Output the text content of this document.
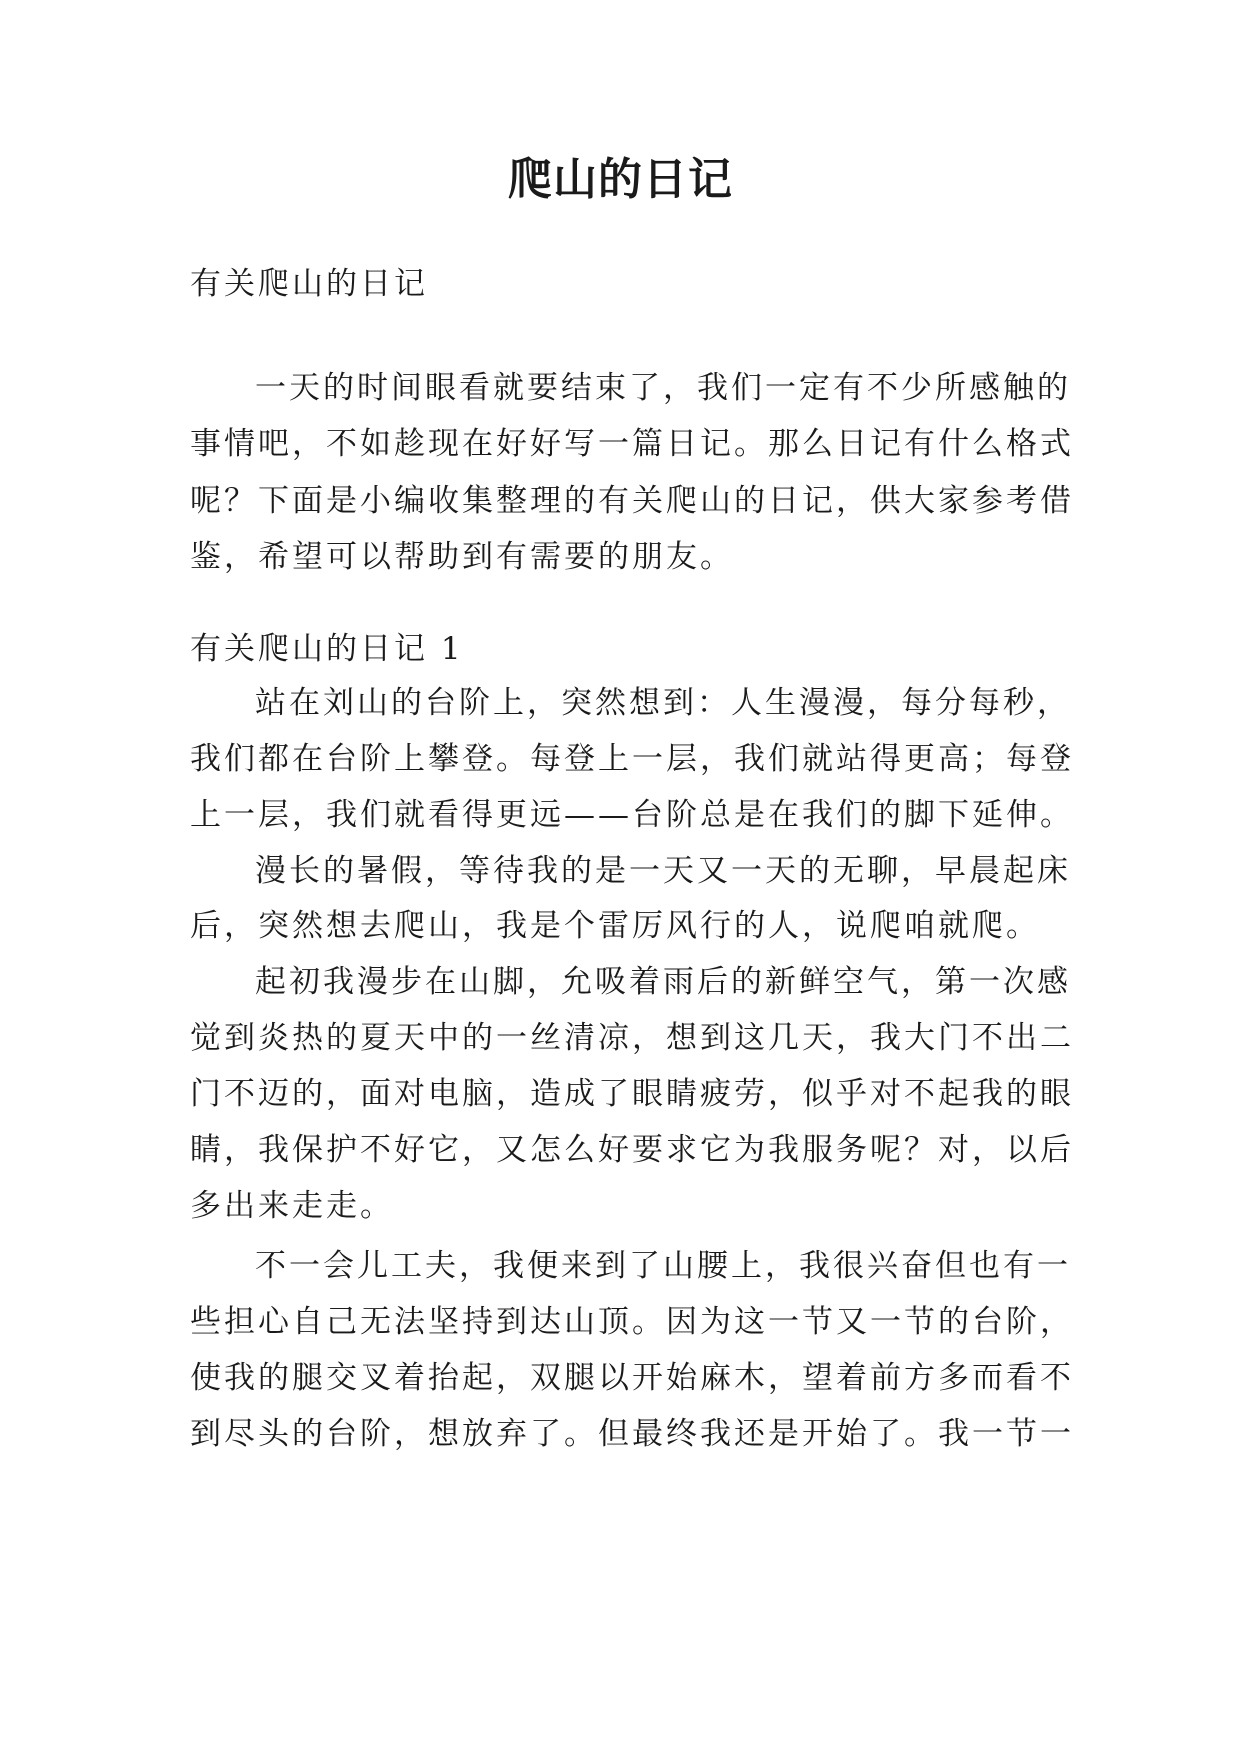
爬山的日记
有关爬山的日记
一天的时间眼看就要结束了，我们一定有不少所感触的
事情吧，不如趁现在好好写一篇日记。那么日记有什么格式
呢？下面是小编收集整理的有关爬山的日记，供大家参考借
鉴，希望可以帮助到有需要的朋友。
有关爬山的日记 1
站在刘山的台阶上，突然想到：人生漫漫，每分每秒，
我们都在台阶上攀登。每登上一层，我们就站得更高；每登
上一层，我们就看得更远——台阶总是在我们的脚下延伸。
漫长的暑假，等待我的是一天又一天的无聊，早晨起床
后，突然想去爬山，我是个雷厉风行的人，说爬咱就爬。
起初我漫步在山脚，允吸着雨后的新鲜空气，第一次感
觉到炎热的夏天中的一丝清凉，想到这几天，我大门不出二
门不迈的，面对电脑，造成了眼睛疲劳，似乎对不起我的眼
睛，我保护不好它，又怎么好要求它为我服务呢？对，以后
多出来走走。
不一会儿工夫，我便来到了山腰上，我很兴奋但也有一
些担心自己无法坚持到达山顶。因为这一节又一节的台阶，
使我的腿交叉着抬起，双腿以开始麻木，望着前方多而看不
到尽头的台阶，想放弃了。但最终我还是开始了。我一节一
